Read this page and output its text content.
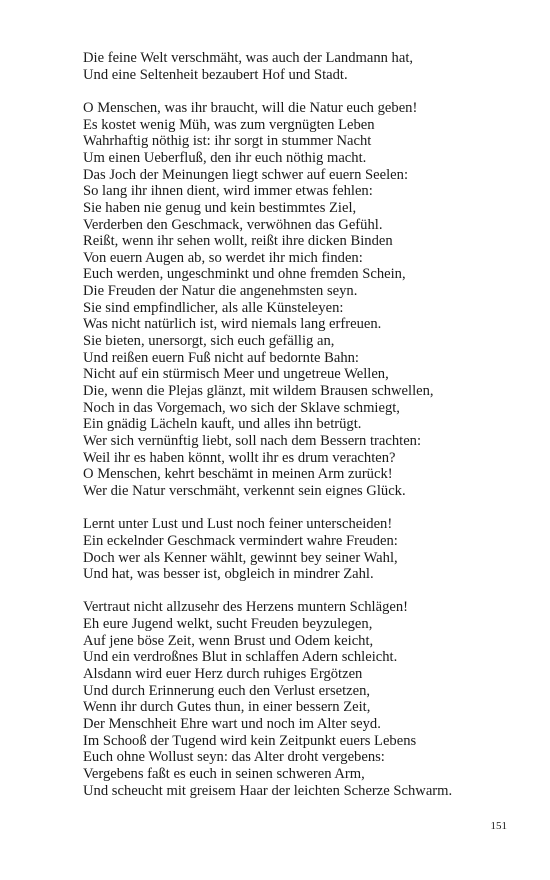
Die feine Welt verschmäht, was auch der Landmann hat,
Und eine Seltenheit bezaubert Hof und Stadt.
O Menschen, was ihr braucht, will die Natur euch geben!
Es kostet wenig Müh, was zum vergnügten Leben
Wahrhaftig nöthig ist: ihr sorgt in stummer Nacht
Um einen Ueberfluß, den ihr euch nöthig macht.
Das Joch der Meinungen liegt schwer auf euern Seelen:
So lang ihr ihnen dient, wird immer etwas fehlen:
Sie haben nie genug und kein bestimmtes Ziel,
Verderben den Geschmack, verwöhnen das Gefühl.
Reißt, wenn ihr sehen wollt, reißt ihre dicken Binden
Von euern Augen ab, so werdet ihr mich finden:
Euch werden, ungeschminkt und ohne fremden Schein,
Die Freuden der Natur die angenehmsten seyn.
Sie sind empfindlicher, als alle Künsteleyen:
Was nicht natürlich ist, wird niemals lang erfreuen.
Sie bieten, unersorgt, sich euch gefällig an,
Und reißen euern Fuß nicht auf bedornte Bahn:
Nicht auf ein stürmisch Meer und ungetreue Wellen,
Die, wenn die Plejas glänzt, mit wildem Brausen schwellen,
Noch in das Vorgemach, wo sich der Sklave schmiegt,
Ein gnädig Lächeln kauft, und alles ihn betrügt.
Wer sich vernünftig liebt, soll nach dem Bessern trachten:
Weil ihr es haben könnt, wollt ihr es drum verachten?
O Menschen, kehrt beschämt in meinen Arm zurück!
Wer die Natur verschmäht, verkennt sein eignes Glück.
Lernt unter Lust und Lust noch feiner unterscheiden!
Ein eckelnder Geschmack vermindert wahre Freuden:
Doch wer als Kenner wählt, gewinnt bey seiner Wahl,
Und hat, was besser ist, obgleich in mindrer Zahl.
Vertraut nicht allzusehr des Herzens muntern Schlägen!
Eh eure Jugend welkt, sucht Freuden beyzulegen,
Auf jene böse Zeit, wenn Brust und Odem keicht,
Und ein verdroßnes Blut in schlaffen Adern schleicht.
Alsdann wird euer Herz durch ruhiges Ergötzen
Und durch Erinnerung euch den Verlust ersetzen,
Wenn ihr durch Gutes thun, in einer bessern Zeit,
Der Menschheit Ehre wart und noch im Alter seyd.
Im Schooß der Tugend wird kein Zeitpunkt euers Lebens
Euch ohne Wollust seyn: das Alter droht vergebens:
Vergebens faßt es euch in seinen schweren Arm,
Und scheucht mit greisem Haar der leichten Scherze Schwarm.
151
